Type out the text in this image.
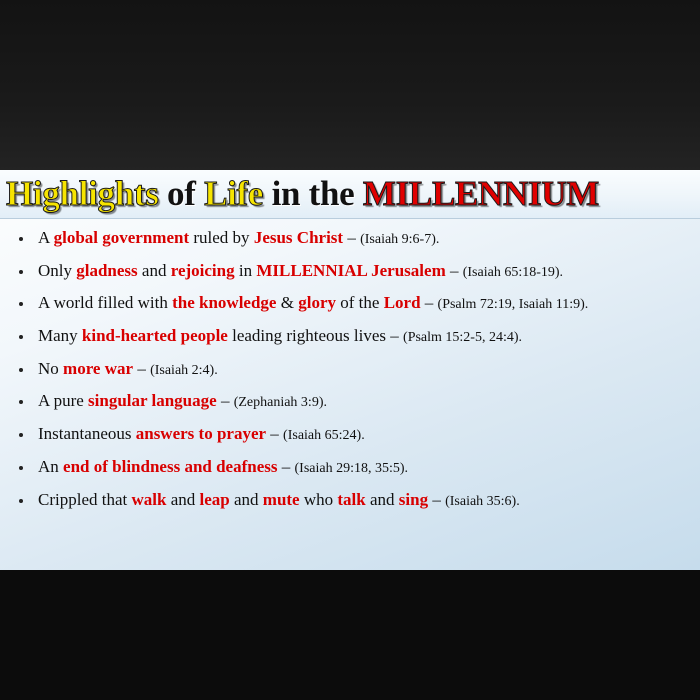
Highlights of Life in the MILLENNIUM
A global government ruled by Jesus Christ – (Isaiah 9:6-7).
Only gladness and rejoicing in MILLENNIAL Jerusalem – (Isaiah 65:18-19).
A world filled with the knowledge & glory of the Lord – (Psalm 72:19, Isaiah 11:9).
Many kind-hearted people leading righteous lives – (Psalm 15:2-5, 24:4).
No more war – (Isaiah 2:4).
A pure singular language – (Zephaniah 3:9).
Instantaneous answers to prayer – (Isaiah 65:24).
An end of blindness and deafness – (Isaiah 29:18, 35:5).
Crippled that walk and leap and mute who talk and sing – (Isaiah 35:6).
